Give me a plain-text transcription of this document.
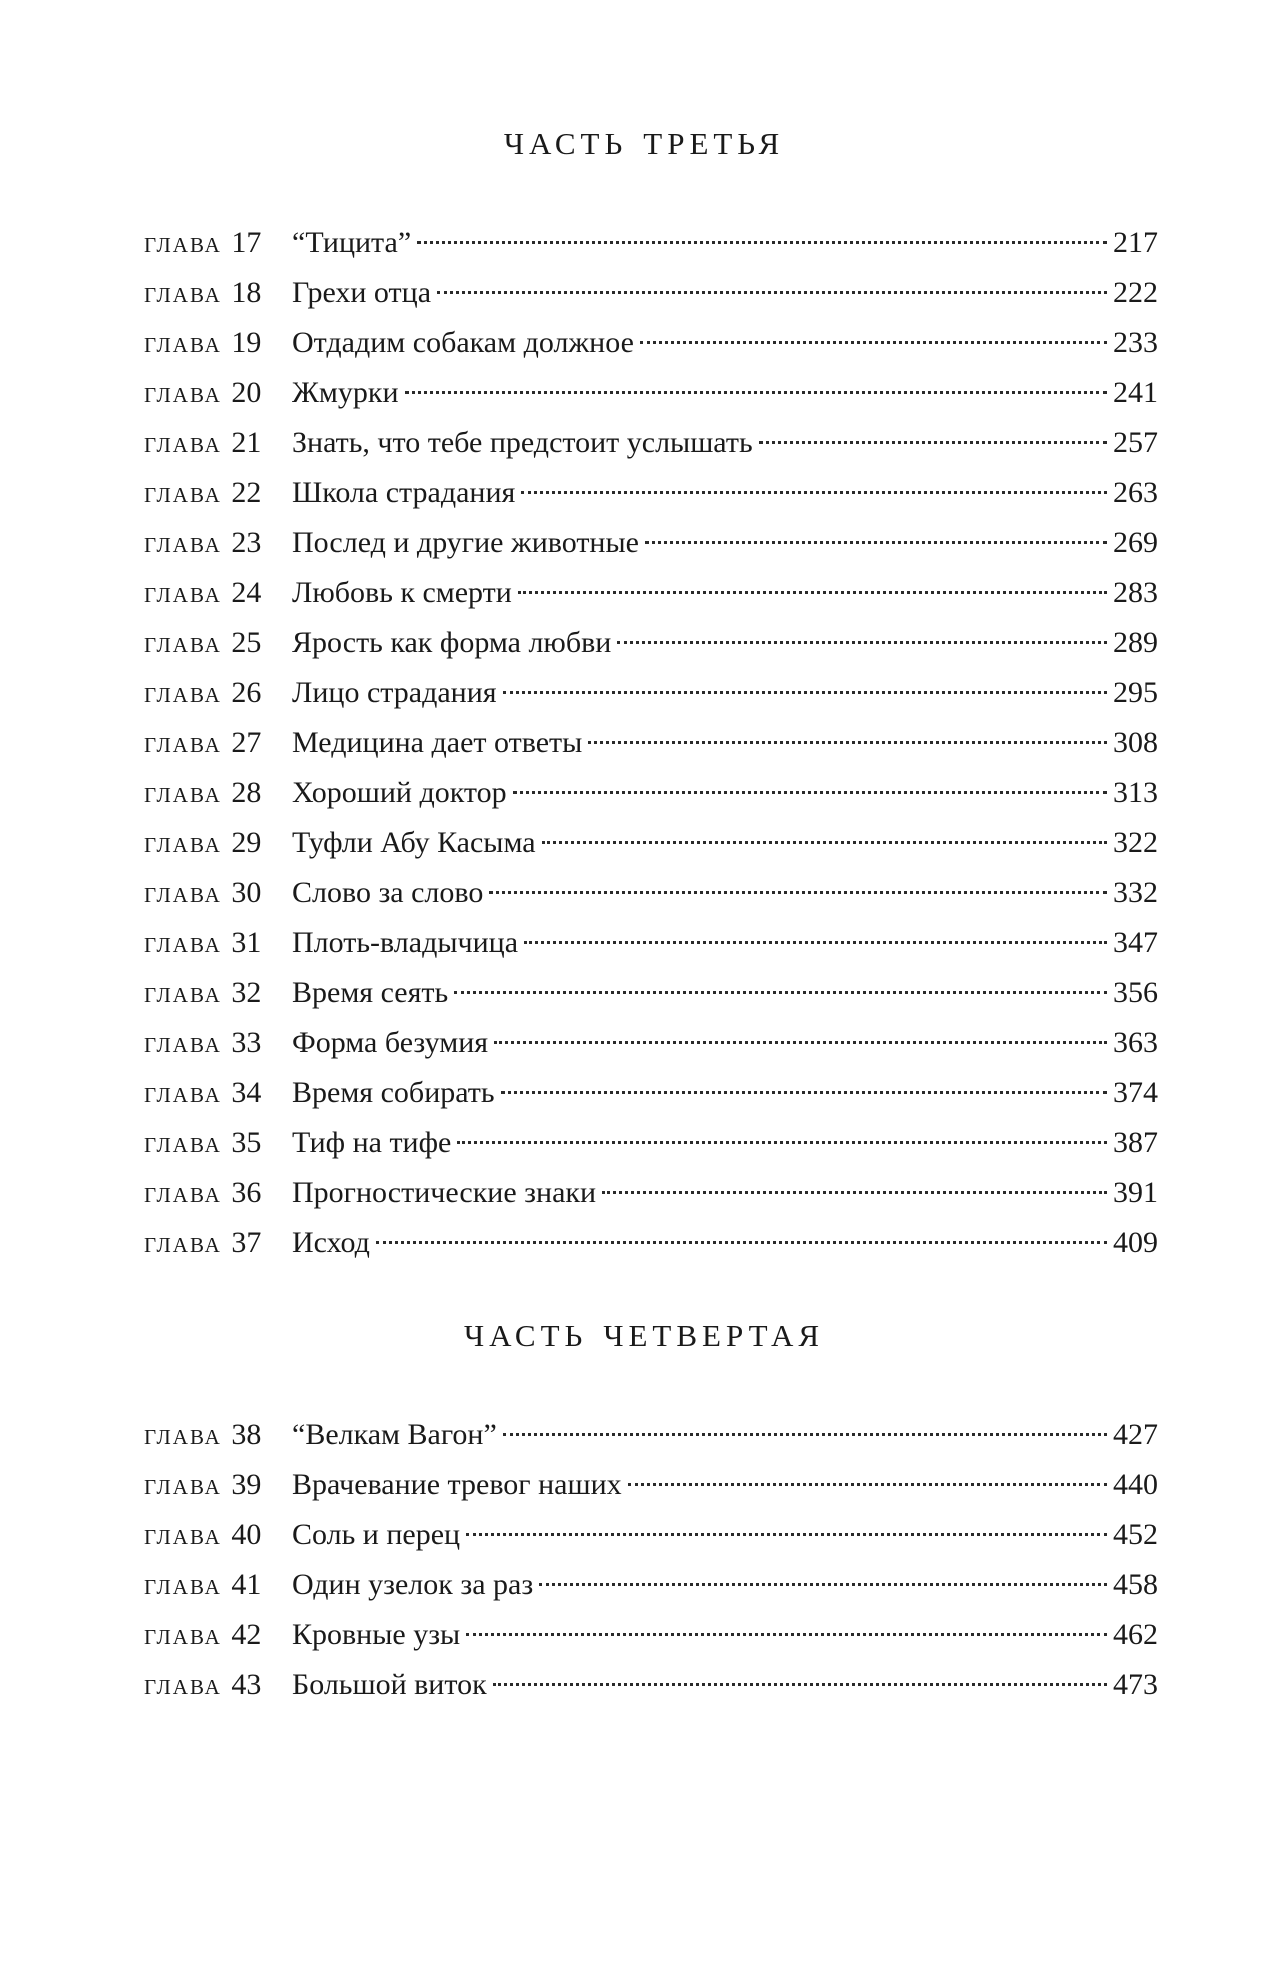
часть третья
глава 17	“Тицита”	217
глава 18	Грехи отца	222
глава 19	Отдадим собакам должное	233
глава 20	Жмурки	241
глава 21	Знать, что тебе предстоит услышать	257
глава 22	Школа страдания	263
глава 23	Послед и другие животные	269
глава 24	Любовь к смерти	283
глава 25	Ярость как форма любви	289
глава 26	Лицо страдания	295
глава 27	Медицина дает ответы	308
глава 28	Хороший доктор	313
глава 29	Туфли Абу Касыма	322
глава 30	Слово за слово	332
глава 31	Плоть-владычица	347
глава 32	Время сеять	356
глава 33	Форма безумия	363
глава 34	Время собирать	374
глава 35	Тиф на тифе	387
глава 36	Прогностические знаки	391
глава 37	Исход	409
часть четвертая
глава 38	“Велкам Вагон”	427
глава 39	Врачевание тревог наших	440
глава 40	Соль и перец	452
глава 41	Один узелок за раз	458
глава 42	Кровные узы	462
глава 43	Большой виток	473
